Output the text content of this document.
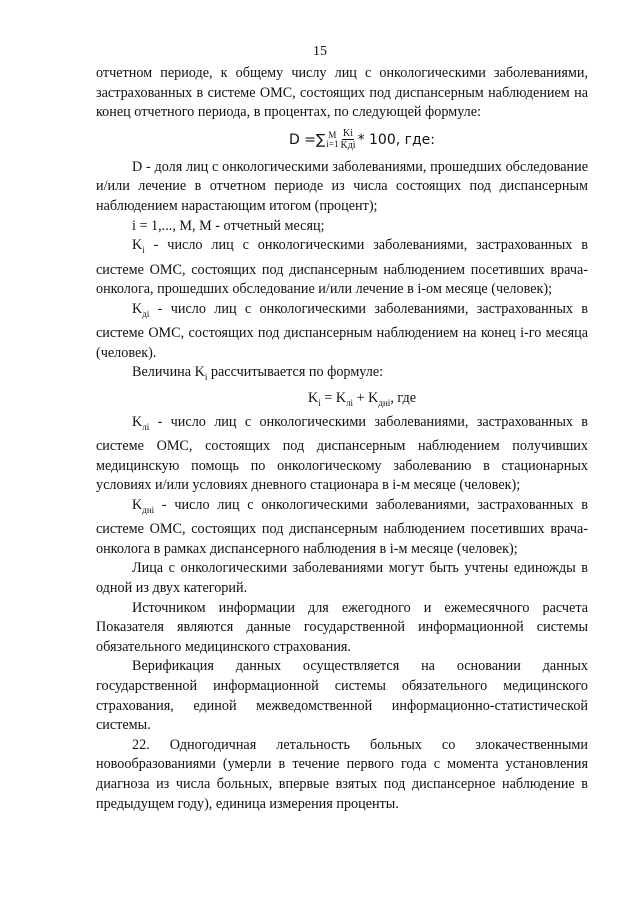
15

отчетном периоде, к общему числу лиц с онкологическими заболеваниями, застрахованных в системе ОМС, состоящих под диспансерным наблюдением на конец отчетного периода, в процентах, по следующей формуле:

D = ∑ M
$i=1 \frac{Ki}{\text{Kдi}} * 100$, где:

D - доля лиц с онкологическими заболеваниями, прошедших обследование и/или лечение в отчетном периоде из числа состоящих под диспансерным наблюдением нарастающим итогом (процент);

i = 1,..., M, M - отчетный месяц;

$K_i$ - число лиц с онкологическими заболеваниями, застрахованных в системе ОМС, состоящих под диспансерным наблюдением посетивших врача-онколога, прошедших обследование и/или лечение в i-ом месяце (человек);

$K_{дi}$ - число лиц с онкологическими заболеваниями, застрахованных в системе ОМС, состоящих под диспансерным наблюдением на конец i-го месяца (человек).

Величина $K_i$ рассчитывается по формуле:

$K_i = K_{лi} + K_{днi}$, где

$K_{лi}$ - число лиц с онкологическими заболеваниями, застрахованных в системе ОМС, состоящих под диспансерным наблюдением получивших медицинскую помощь по онкологическому заболеванию в стационарных условиях и/или условиях дневного стационара в i-м месяце (человек);

$K_{днi}$ - число лиц с онкологическими заболеваниями, застрахованных в системе ОМС, состоящих под диспансерным наблюдением посетивших врача-онколога в рамках диспансерного наблюдения в i-м месяце (человек);

Лица с онкологическими заболеваниями могут быть учтены единожды в одной из двух категорий.

Источником информации для ежегодного и ежемесячного расчета Показателя являются данные государственной информационной системы обязательного медицинского страхования.

Верификация данных осуществляется на основании данных государственной информационной системы обязательного медицинского страхования, единой межведомственной информационно-статистической системы.

22. Одногодичная летальность больных со злокачественными новообразованиями (умерли в течение первого года с момента установления диагноза из числа больных, впервые взятых под диспансерное наблюдение в предыдущем году), единица измерения проценты.
